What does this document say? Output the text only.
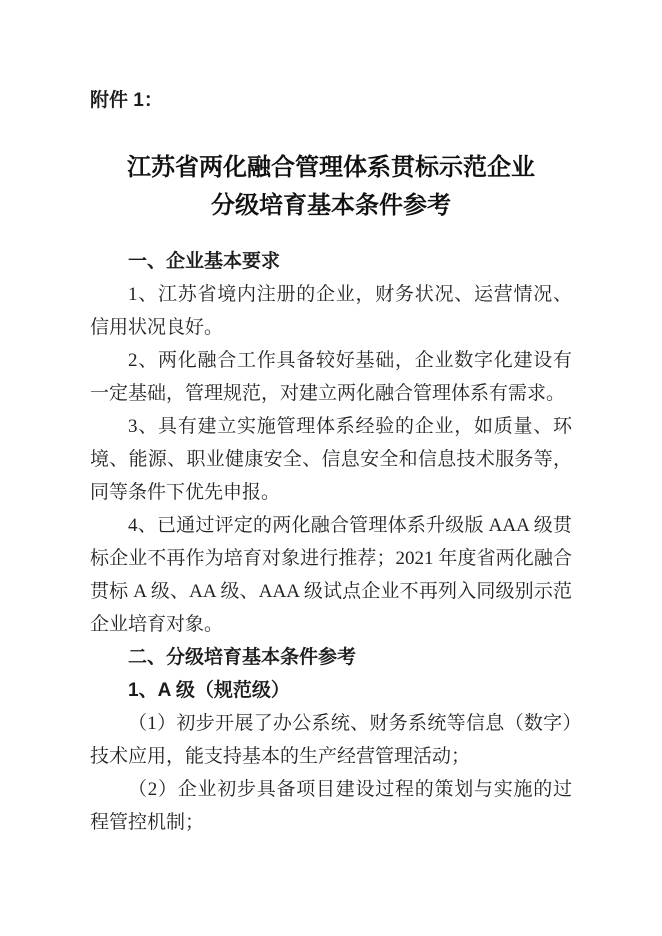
附件 1：

江苏省两化融合管理体系贯标示范企业
分级培育基本条件参考
一、企业基本要求

1、江苏省境内注册的企业，财务状况、运营情况、信用状况良好。

2、两化融合工作具备较好基础，企业数字化建设有一定基础，管理规范，对建立两化融合管理体系有需求。

3、具有建立实施管理体系经验的企业，如质量、环境、能源、职业健康安全、信息安全和信息技术服务等，同等条件下优先申报。

4、已通过评定的两化融合管理体系升级版 AAA 级贯标企业不再作为培育对象进行推荐；2021 年度省两化融合贯标 A 级、AA 级、AAA 级试点企业不再列入同级别示范企业培育对象。

二、分级培育基本条件参考
1、A 级（规范级）

（1）初步开展了办公系统、财务系统等信息（数字）技术应用，能支持基本的生产经营管理活动；

（2）企业初步具备项目建设过程的策划与实施的过程管控机制；
